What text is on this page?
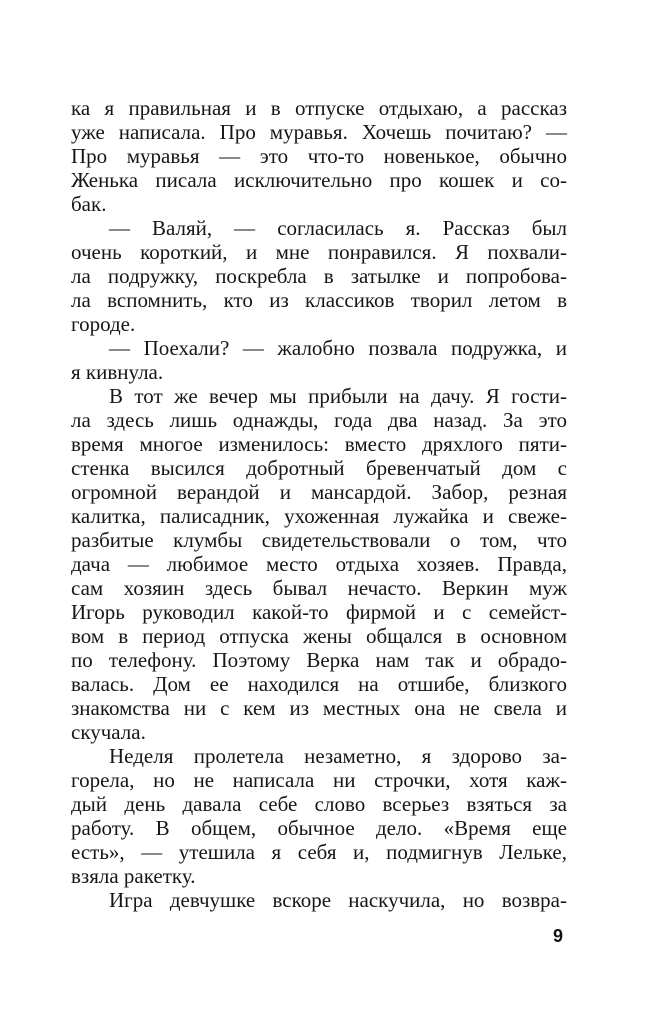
ка я правильная и в отпуске отдыхаю, а рассказ
уже написала. Про муравья. Хочешь почитаю? —
Про муравья — это что-то новенькое, обычно
Женька писала исключительно про кошек и со-
бак.
— Валяй, — согласилась я. Рассказ был
очень короткий, и мне понравился. Я похвали-
ла подружку, поскребла в затылке и попробова-
ла вспомнить, кто из классиков творил летом в
городе.
— Поехали? — жалобно позвала подружка, и
я кивнула.
В тот же вечер мы прибыли на дачу. Я гости-
ла здесь лишь однажды, года два назад. За это
время многое изменилось: вместо дряхлого пяти-
стенка высился добротный бревенчатый дом с
огромной верандой и мансардой. Забор, резная
калитка, палисадник, ухоженная лужайка и свеже-
разбитые клумбы свидетельствовали о том, что
дача — любимое место отдыха хозяев. Правда,
сам хозяин здесь бывал нечасто. Веркин муж
Игорь руководил какой-то фирмой и с семейст-
вом в период отпуска жены общался в основном
по телефону. Поэтому Верка нам так и обрадо-
валась. Дом ее находился на отшибе, близкого
знакомства ни с кем из местных она не свела и
скучала.
Неделя пролетела незаметно, я здорово за-
горела, но не написала ни строчки, хотя каж-
дый день давала себе слово всерьез взяться за
работу. В общем, обычное дело. «Время еще
есть», — утешила я себя и, подмигнув Лельке,
взяла ракетку.
Игра девчушке вскоре наскучила, но возвра-
9
